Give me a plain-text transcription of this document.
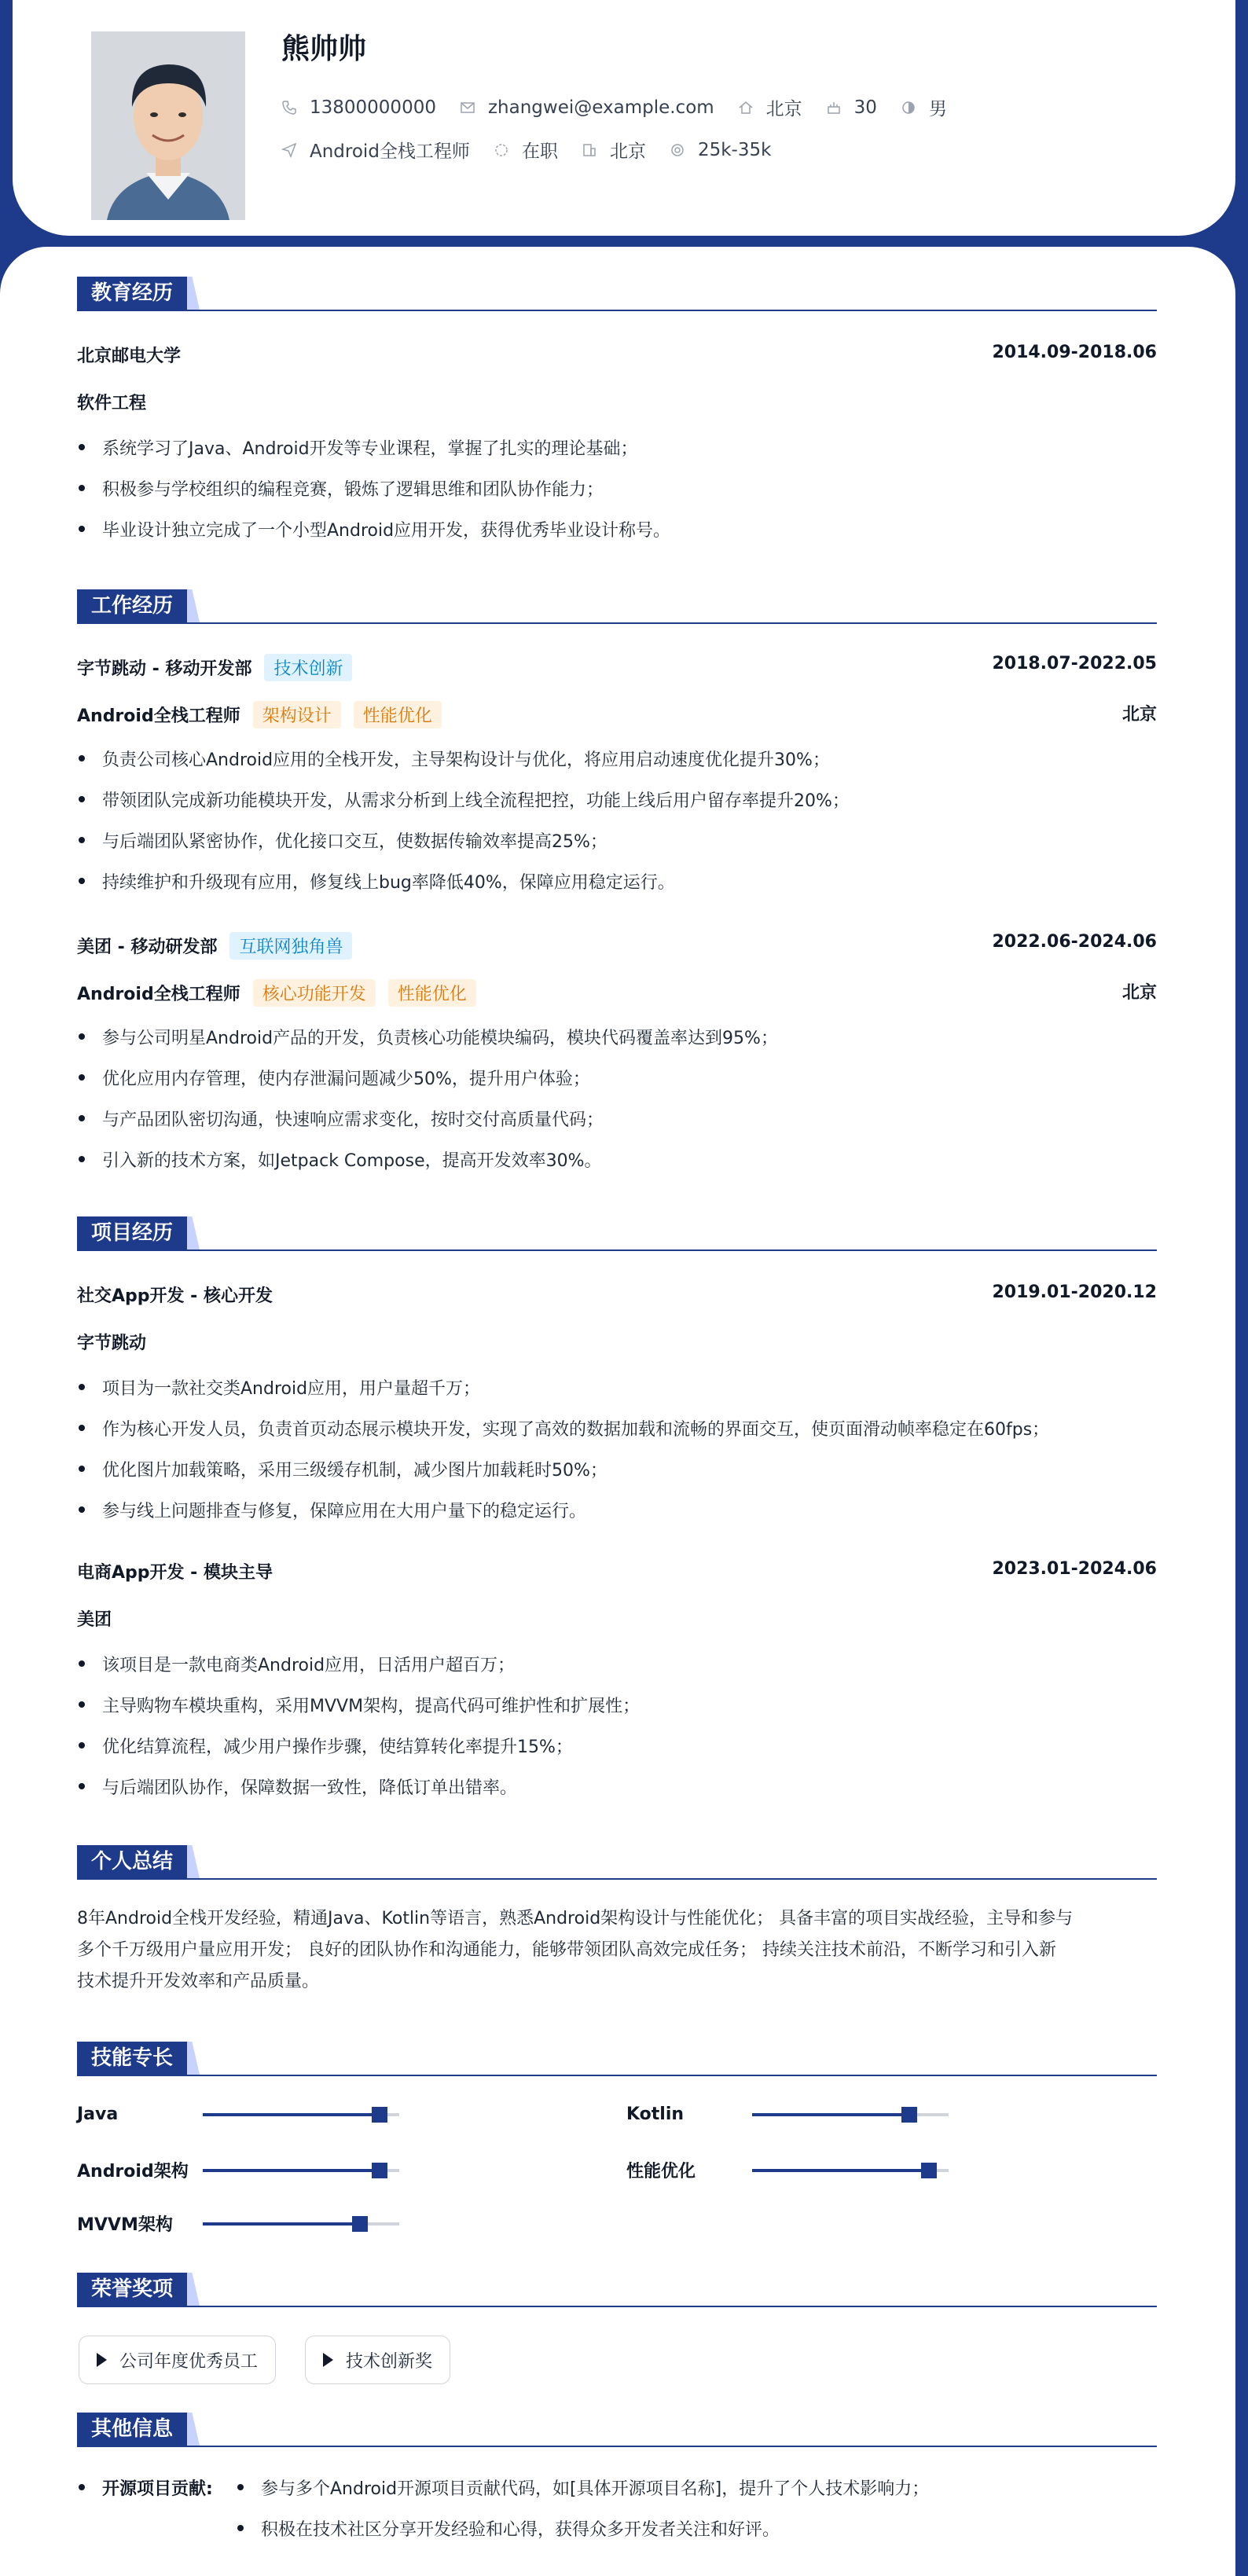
熊帅帅
13800000000	zhangwei@example.com	北京	30	男
Android全栈工程师	在职	北京	25k-35k
教育经历
北京邮电大学	2014.09-2018.06
软件工程
系统学习了Java、Android开发等专业课程，掌握了扎实的理论基础；
积极参与学校组织的编程竞赛，锻炼了逻辑思维和团队协作能力；
毕业设计独立完成了一个小型Android应用开发，获得优秀毕业设计称号。
工作经历
字节跳动 - 移动开发部	技术创新	2018.07-2022.05
Android全栈工程师	架构设计	性能优化	北京
负责公司核心Android应用的全栈开发，主导架构设计与优化，将应用启动速度优化提升30%；
带领团队完成新功能模块开发，从需求分析到上线全流程把控，功能上线后用户留存率提升20%；
与后端团队紧密协作，优化接口交互，使数据传输效率提高25%；
持续维护和升级现有应用，修复线上bug率降低40%，保障应用稳定运行。
美团 - 移动研发部	互联网独角兽	2022.06-2024.06
Android全栈工程师	核心功能开发	性能优化	北京
参与公司明星Android产品的开发，负责核心功能模块编码，模块代码覆盖率达到95%；
优化应用内存管理，使内存泄漏问题减少50%，提升用户体验；
与产品团队密切沟通，快速响应需求变化，按时交付高质量代码；
引入新的技术方案，如Jetpack Compose，提高开发效率30%。
项目经历
社交App开发 - 核心开发	2019.01-2020.12
字节跳动
项目为一款社交类Android应用，用户量超千万；
作为核心开发人员，负责首页动态展示模块开发，实现了高效的数据加载和流畅的界面交互，使页面滑动帧率稳定在60fps；
优化图片加载策略，采用三级缓存机制，减少图片加载耗时50%；
参与线上问题排查与修复，保障应用在大用户量下的稳定运行。
电商App开发 - 模块主导	2023.01-2024.06
美团
该项目是一款电商类Android应用，日活用户超百万；
主导购物车模块重构，采用MVVM架构，提高代码可维护性和扩展性；
优化结算流程，减少用户操作步骤，使结算转化率提升15%；
与后端团队协作，保障数据一致性，降低订单出错率。
个人总结
8年Android全栈开发经验，精通Java、Kotlin等语言，熟悉Android架构设计与性能优化； 具备丰富的项目实战经验，主导和参与
多个千万级用户量应用开发； 良好的团队协作和沟通能力，能够带领团队高效完成任务； 持续关注技术前沿，不断学习和引入新
技术提升开发效率和产品质量。
技能专长
Java	Kotlin
Android架构	性能优化
MVVM架构
荣誉奖项
公司年度优秀员工	技术创新奖
其他信息
开源项目贡献:	参与多个Android开源项目贡献代码，如[具体开源项目名称]，提升了个人技术影响力；
积极在技术社区分享开发经验和心得，获得众多开发者关注和好评。
